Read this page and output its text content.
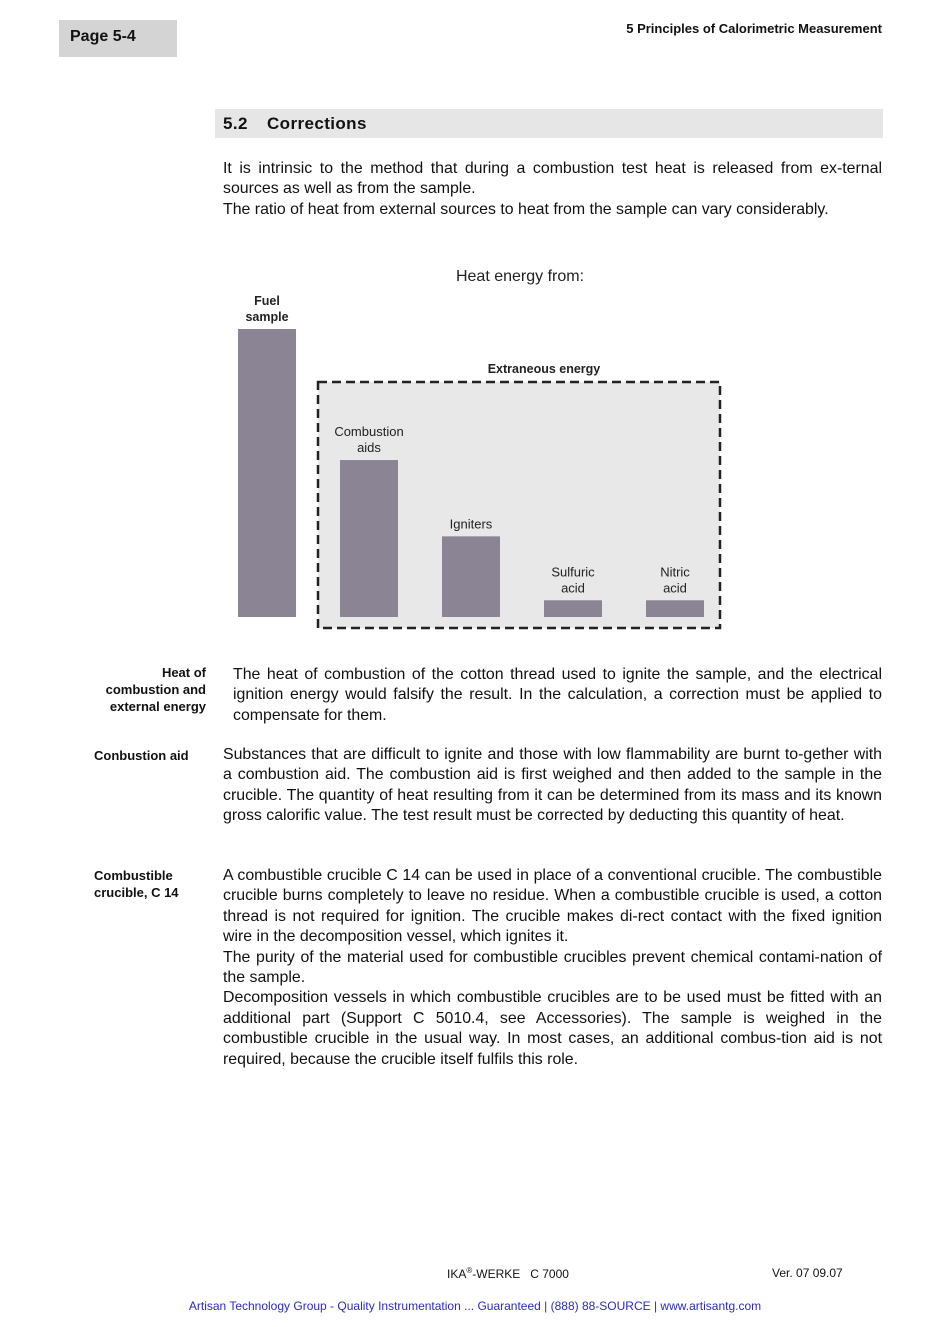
Page 5-4	5 Principles of Calorimetric Measurement
5.2 Corrections

It is intrinsic to the method that during a combustion test heat is released from ex-ternal sources as well as from the sample.

The ratio of heat from external sources to heat from the sample can vary considerably.

Heat energy from:
Extraneous energy
Fuel sample
Combustion aids
Igniters
Sulfuric acid
Nitric acid
Heat of
combustion and
external energy

The heat of combustion of the cotton thread used to ignite the sample, and the electrical ignition energy would falsify the result. In the calculation, a correction must be applied to compensate for them.

Conbustion aid Substances that are difficult to ignite and those with low flammability are burnt to-gether with a combustion aid. The combustion aid is first weighed and then added to the sample in the crucible. The quantity of heat resulting from it can be determined from its mass and its known gross calorific value. The test result must be corrected by deducting this quantity of heat.

Combustible
crucible, C 14

A combustible crucible C 14 can be used in place of a conventional crucible. The combustible crucible burns completely to leave no residue. When a combustible crucible is used, a cotton thread is not required for ignition. The crucible makes di-rect contact with the fixed ignition wire in the decomposition vessel, which ignites it.

The purity of the material used for combustible crucibles prevent chemical contami-nation of the sample.

Decomposition vessels in which combustible crucibles are to be used must be fitted with an additional part (Support C 5010.4, see Accessories). The sample is weighed in the combustible crucible in the usual way. In most cases, an additional combus-tion aid is not required, because the crucible itself fulfils this role.

IKA®-WERKE   C 7000	Ver. 07 09.07
Artisan Technology Group - Quality Instrumentation ... Guaranteed | (888) 88-SOURCE | www.artisantg.com
